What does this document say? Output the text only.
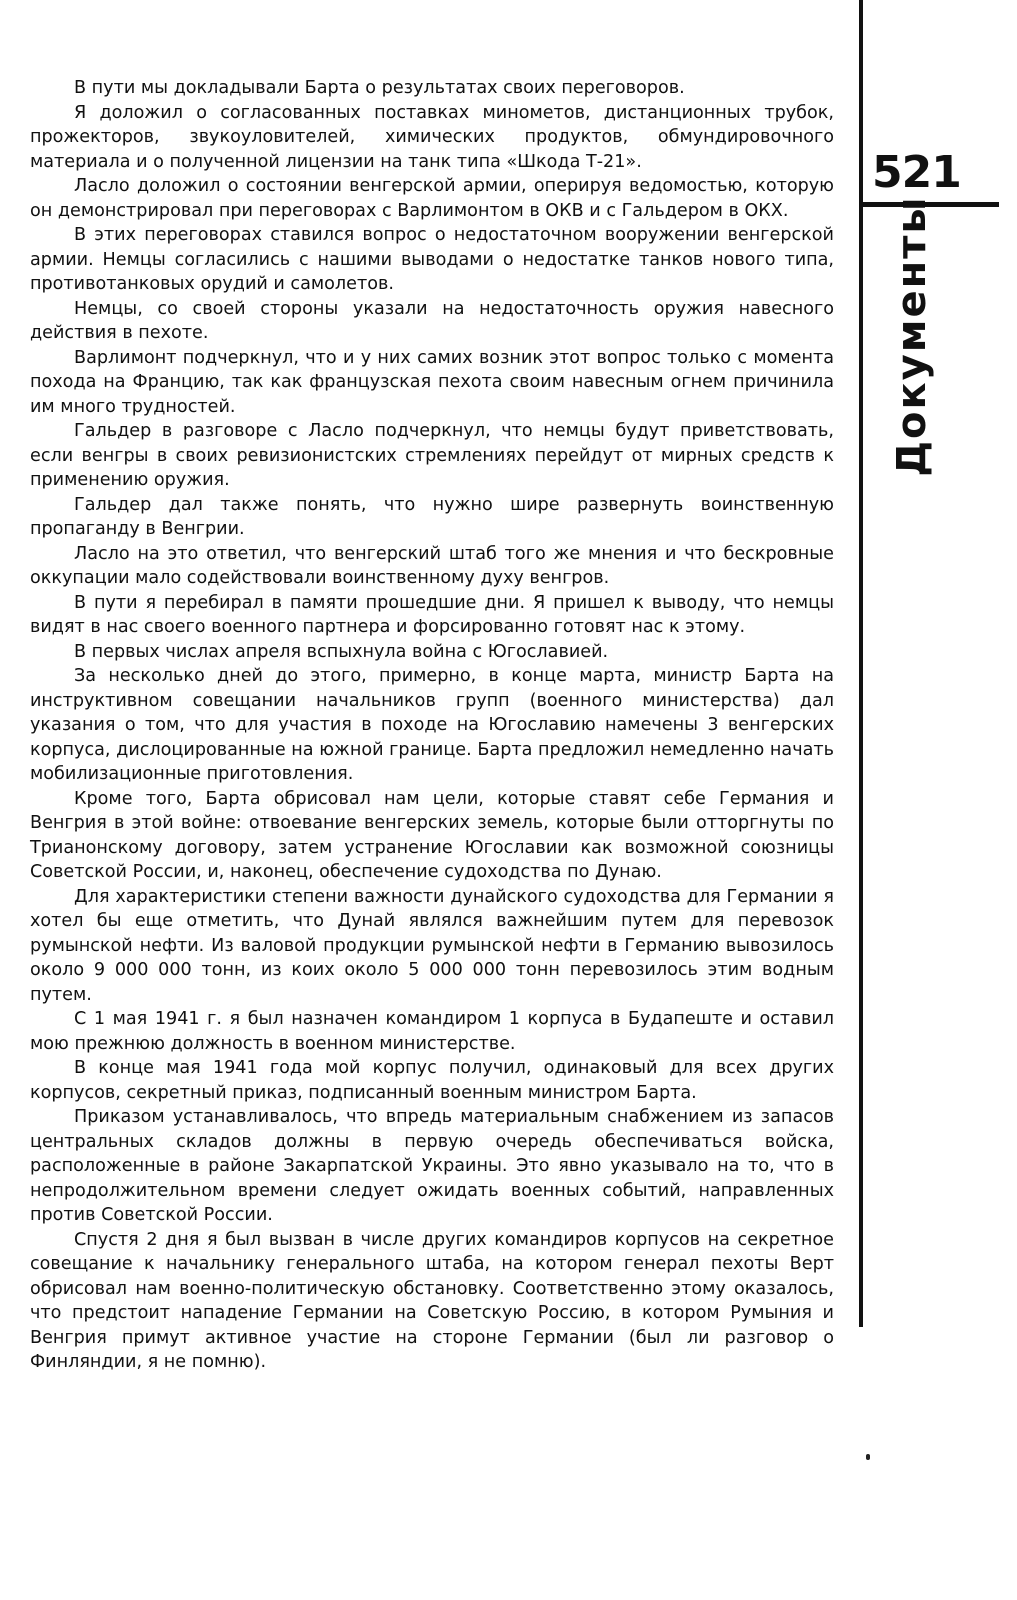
В пути мы докладывали Барта о результатах своих переговоров.

Я доложил о согласованных поставках минометов, дистанционных трубок, прожекторов, звукоуловителей, химических продуктов, обмундировочного материала и о полученной лицензии на танк типа «Шкода Т-21».

Ласло доложил о состоянии венгерской армии, оперируя ведомостью, которую он демонстрировал при переговорах с Варлимонтом в ОКВ и с Гальдером в ОКХ.

В этих переговорах ставился вопрос о недостаточном вооружении венгерской армии. Немцы согласились с нашими выводами о недостатке танков нового типа, противотанковых орудий и самолетов.

Немцы, со своей стороны указали на недостаточность оружия навесного действия в пехоте.

Варлимонт подчеркнул, что и у них самих возник этот вопрос только с момента похода на Францию, так как французская пехота своим навесным огнем причинила им много трудностей.

Гальдер в разговоре с Ласло подчеркнул, что немцы будут приветствовать, если венгры в своих ревизионистских стремлениях перейдут от мирных средств к применению оружия.

Гальдер дал также понять, что нужно шире развернуть воинственную пропаганду в Венгрии.

Ласло на это ответил, что венгерский штаб того же мнения и что бескровные оккупации мало содействовали воинственному духу венгров.

В пути я перебирал в памяти прошедшие дни. Я пришел к выводу, что немцы видят в нас своего военного партнера и форсированно готовят нас к этому.

В первых числах апреля вспыхнула война с Югославией.

За несколько дней до этого, примерно, в конце марта, министр Барта на инструктивном совещании начальников групп (военного министерства) дал указания о том, что для участия в походе на Югославию намечены 3 венгерских корпуса, дислоцированные на южной границе. Барта предложил немедленно начать мобилизационные приготовления.

Кроме того, Барта обрисовал нам цели, которые ставят себе Германия и Венгрия в этой войне: отвоевание венгерских земель, которые были отторгнуты по Трианонскому договору, затем устранение Югославии как возможной союзницы Советской России, и, наконец, обеспечение судоходства по Дунаю.

Для характеристики степени важности дунайского судоходства для Германии я хотел бы еще отметить, что Дунай являлся важнейшим путем для перевозок румынской нефти. Из валовой продукции румынской нефти в Германию вывозилось около 9 000 000 тонн, из коих около 5 000 000 тонн перевозилось этим водным путем.

С 1 мая 1941 г. я был назначен командиром 1 корпуса в Будапеште и оставил мою прежнюю должность в военном министерстве.

В конце мая 1941 года мой корпус получил, одинаковый для всех других корпусов, секретный приказ, подписанный военным министром Барта.

Приказом устанавливалось, что впредь материальным снабжением из запасов центральных складов должны в первую очередь обеспечиваться войска, расположенные в районе Закарпатской Украины. Это явно указывало на то, что в непродолжительном времени следует ожидать военных событий, направленных против Советской России.

Спустя 2 дня я был вызван в числе других командиров корпусов на секретное совещание к начальнику генерального штаба, на котором генерал пехоты Верт обрисовал нам военно-политическую обстановку. Соответственно этому оказалось, что предстоит нападение Германии на Советскую Россию, в котором Румыния и Венгрия примут активное участие на стороне Германии (был ли разговор о Финляндии, я не помню).

521
Документы
